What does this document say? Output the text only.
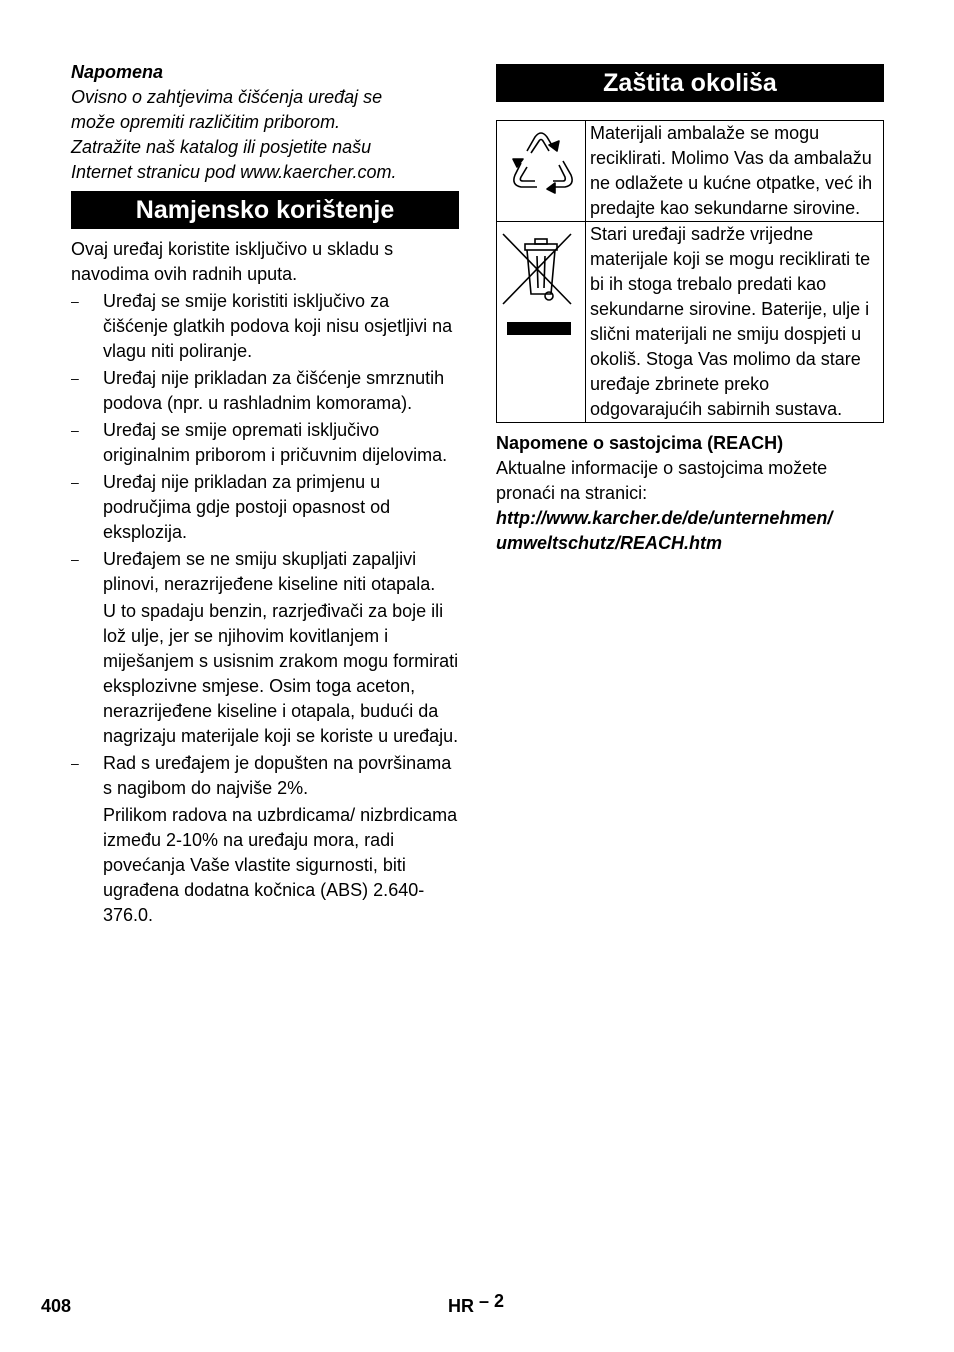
Napomena

Ovisno o zahtjevima čišćenja uređaj se
može opremiti različitim priborom.
Zatražite naš katalog ili posjetite našu
Internet stranicu pod www.kaercher.com.

Namjensko korištenje

Ovaj uređaj koristite isključivo u skladu s navodima ovih radnih uputa.

–	Uređaj se smije koristiti isključivo za čišćenje glatkih podova koji nisu osjetljivi na vlagu niti poliranje.
–	Uređaj nije prikladan za čišćenje smrznutih podova (npr. u rashladnim komorama).
–	Uređaj se smije opremati isključivo originalnim priborom i pričuvnim dijelovima.
–	Uređaj nije prikladan za primjenu u područjima gdje postoji opasnost od eksplozija.
–	Uređajem se ne smiju skupljati zapaljivi plinovi, nerazrijeđene kiseline niti otapala.
U to spadaju benzin, razrjeđivači za boje ili lož ulje, jer se njihovim kovitlanjem i miješanjem s usisnim zrakom mogu formirati eksplozivne smjese. Osim toga aceton, nerazrijeđene kiseline i otapala, budući da nagrizaju materijale koji se koriste u uređaju.
–	Rad s uređajem je dopušten na površinama s nagibom do najviše 2%.
Prilikom radova na uzbrdicama/ nizbrdicama između 2-10% na uređaju mora, radi povećanja Vaše vlastite sigurnosti, biti ugrađena dodatna kočnica (ABS) 2.640-376.0.
Zaštita okoliša
	Materijali ambalaže se mogu reciklirati. Molimo Vas da ambalažu ne odlažete u kućne otpatke, već ih predajte kao sekundarne sirovine.
	Stari uređaji sadrže vrijedne materijale koji se mogu reciklirati te bi ih stoga trebalo predati kao sekundarne sirovine. Baterije, ulje i slični materijali ne smiju dospjeti u okoliš. Stoga Vas molimo da stare uređaje zbrinete preko odgovarajućih sabirnih sustava.

Napomene o sastojcima (REACH)

Aktualne informacije o sastojcima možete pronaći na stranici:

http://www.karcher.de/de/unternehmen/
umweltschutz/REACH.htm

408	HR $^{- 2}$
